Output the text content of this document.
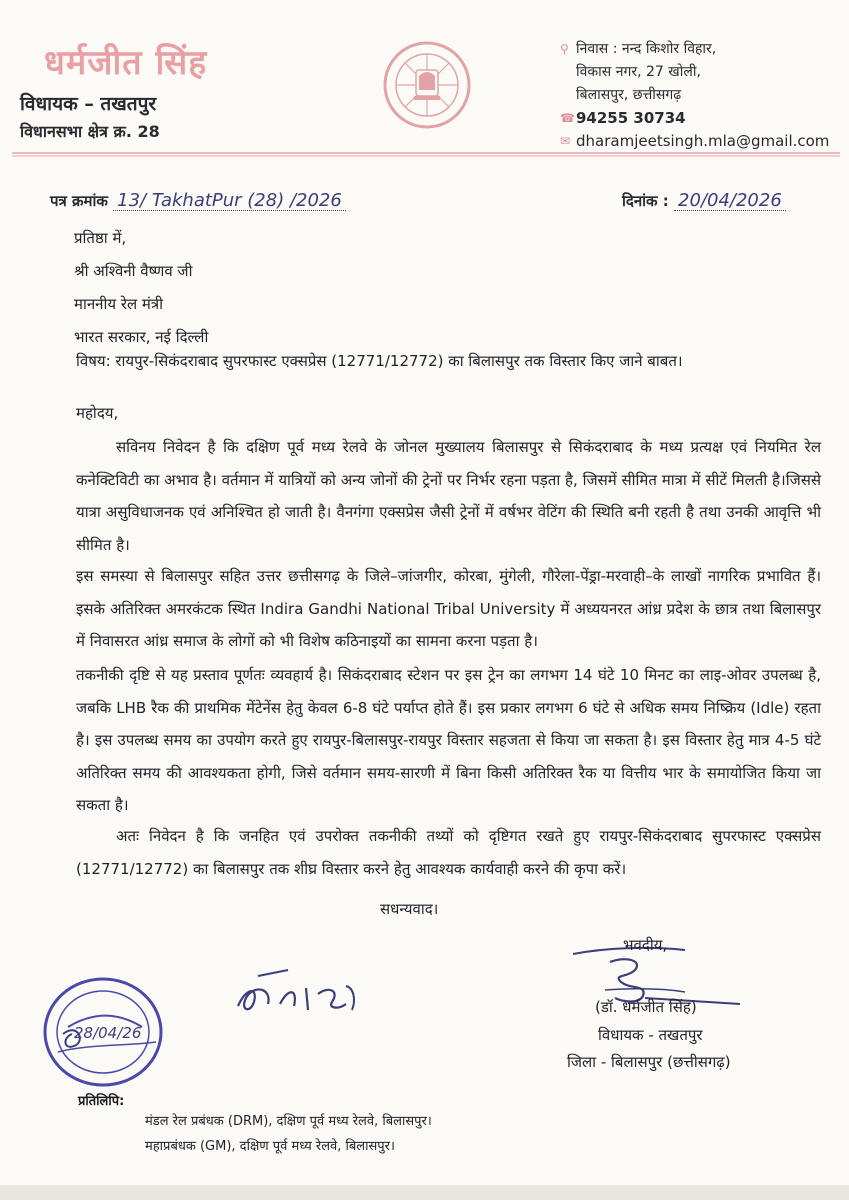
धर्मजीत सिंह
विधायक – तखतपुर
विधानसभा क्षेत्र क्र. 28
⚲ निवास : नन्द किशोर विहार,
विकास नगर, 27 खोली,
बिलासपुर, छत्तीसगढ़
☎ 94255 30734
✉ dharamjeetsingh.mla@gmail.com
पत्र क्रमांक 13/ TakhatPur (28) /2026	दिनांक : 20/04/2026
प्रतिष्ठा में,
श्री अश्विनी वैष्णव जी
माननीय रेल मंत्री
भारत सरकार, नई दिल्ली
विषय: रायपुर-सिकंदराबाद सुपरफास्ट एक्सप्रेस (12771/12772) का बिलासपुर तक विस्तार किए जाने बाबत।
महोदय,
सविनय निवेदन है कि दक्षिण पूर्व मध्य रेलवे के जोनल मुख्यालय बिलासपुर से सिकंदराबाद के मध्य प्रत्यक्ष एवं नियमित रेल कनेक्टिविटी का अभाव है। वर्तमान में यात्रियों को अन्य जोनों की ट्रेनों पर निर्भर रहना पड़ता है, जिसमें सीमित मात्रा में सीटें मिलती है।जिससे यात्रा असुविधाजनक एवं अनिश्चित हो जाती है। वैनगंगा एक्सप्रेस जैसी ट्रेनों में वर्षभर वेटिंग की स्थिति बनी रहती है तथा उनकी आवृत्ति भी सीमित है।
इस समस्या से बिलासपुर सहित उत्तर छत्तीसगढ़ के जिले–जांजगीर, कोरबा, मुंगेली, गौरेला-पेंड्रा-मरवाही–के लाखों नागरिक प्रभावित हैं। इसके अतिरिक्त अमरकंटक स्थित Indira Gandhi National Tribal University में अध्ययनरत आंध्र प्रदेश के छात्र तथा बिलासपुर में निवासरत आंध्र समाज के लोगों को भी विशेष कठिनाइयों का सामना करना पड़ता है।
तकनीकी दृष्टि से यह प्रस्ताव पूर्णतः व्यवहार्य है। सिकंदराबाद स्टेशन पर इस ट्रेन का लगभग 14 घंटे 10 मिनट का लाइ-ओवर उपलब्ध है, जबकि LHB रैक की प्राथमिक मेंटेनेंस हेतु केवल 6-8 घंटे पर्याप्त होते हैं। इस प्रकार लगभग 6 घंटे से अधिक समय निष्क्रिय (Idle) रहता है। इस उपलब्ध समय का उपयोग करते हुए रायपुर-बिलासपुर-रायपुर विस्तार सहजता से किया जा सकता है। इस विस्तार हेतु मात्र 4-5 घंटे अतिरिक्त समय की आवश्यकता होगी, जिसे वर्तमान समय-सारणी में बिना किसी अतिरिक्त रैक या वित्तीय भार के समायोजित किया जा सकता है।
अतः निवेदन है कि जनहित एवं उपरोक्त तकनीकी तथ्यों को दृष्टिगत रखते हुए रायपुर-सिकंदराबाद सुपरफास्ट एक्सप्रेस (12771/12772) का बिलासपुर तक शीघ्र विस्तार करने हेतु आवश्यक कार्यवाही करने की कृपा करें।
सधन्यवाद।
भवदीय,
(डॉ. धर्मजीत सिंह)
विधायक - तखतपुर
जिला - बिलासपुर (छत्तीसगढ़)
28/04/26
प्रतिलिपि:
मंडल रेल प्रबंधक (DRM), दक्षिण पूर्व मध्य रेलवे, बिलासपुर।
महाप्रबंधक (GM), दक्षिण पूर्व मध्य रेलवे, बिलासपुर।
